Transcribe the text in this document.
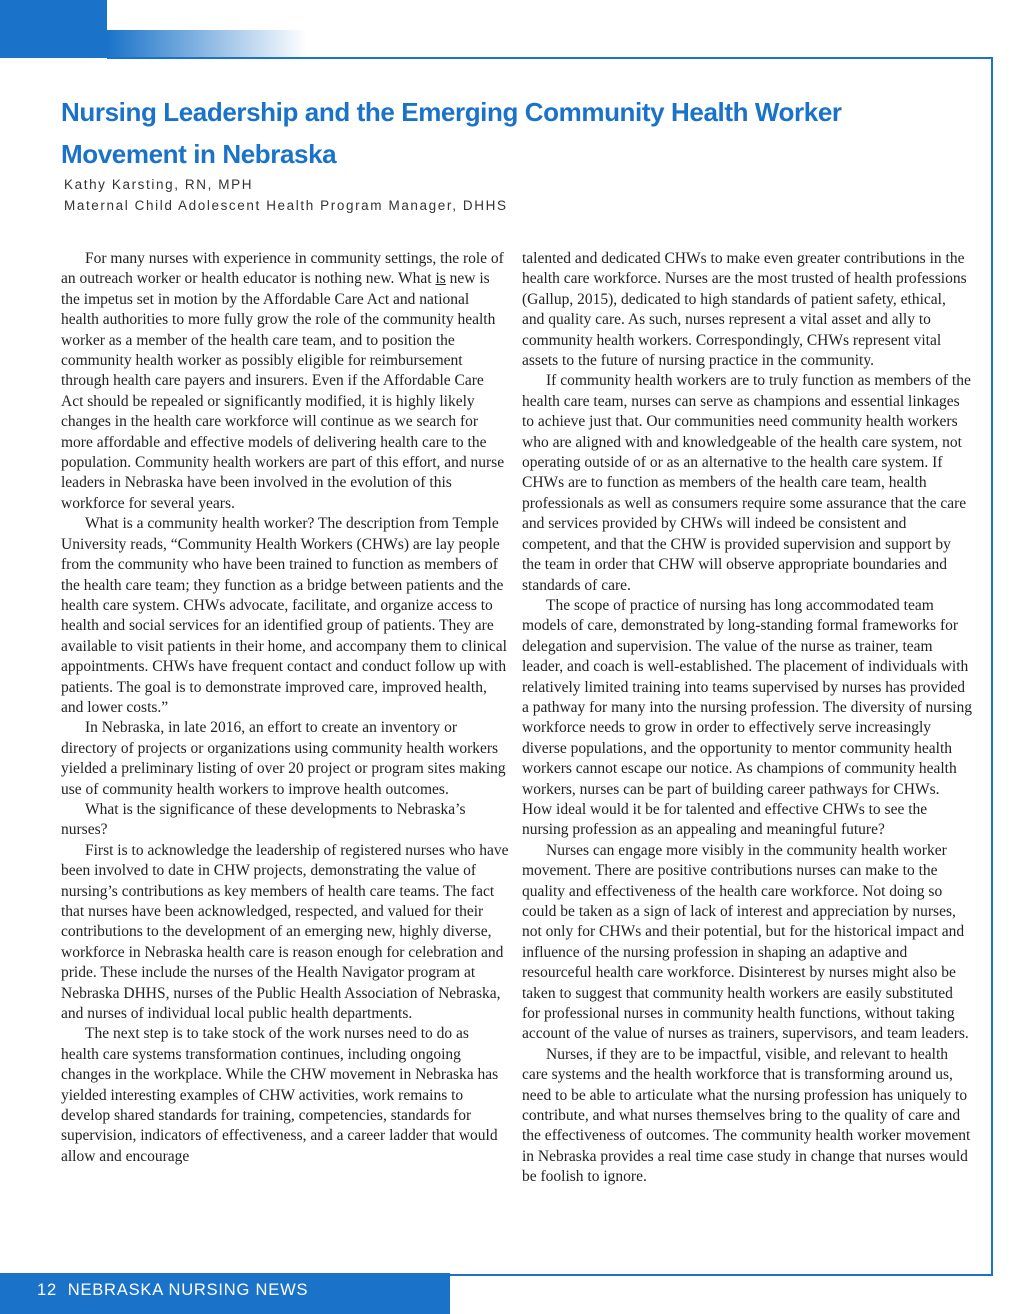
Nursing Leadership and the Emerging Community Health Worker Movement in Nebraska
Kathy Karsting, RN, MPH
Maternal Child Adolescent Health Program Manager, DHHS

For many nurses with experience in community settings, the role of an outreach worker or health educator is nothing new. What is new is the impetus set in motion by the Affordable Care Act and national health authorities to more fully grow the role of the community health worker as a member of the health care team, and to position the community health worker as possibly eligible for reimbursement through health care payers and insurers. Even if the Affordable Care Act should be repealed or significantly modified, it is highly likely changes in the health care workforce will continue as we search for more affordable and effective models of delivering health care to the population. Community health workers are part of this effort, and nurse leaders in Nebraska have been involved in the evolution of this workforce for several years.

What is a community health worker? The description from Temple University reads, “Community Health Workers (CHWs) are lay people from the community who have been trained to function as members of the health care team; they function as a bridge between patients and the health care system. CHWs advocate, facilitate, and organize access to health and social services for an identified group of patients. They are available to visit patients in their home, and accompany them to clinical appointments. CHWs have frequent contact and conduct follow up with patients. The goal is to demonstrate improved care, improved health, and lower costs.”

In Nebraska, in late 2016, an effort to create an inventory or directory of projects or organizations using community health workers yielded a preliminary listing of over 20 project or program sites making use of community health workers to improve health outcomes.

What is the significance of these developments to Nebraska’s nurses?

First is to acknowledge the leadership of registered nurses who have been involved to date in CHW projects, demonstrating the value of nursing’s contributions as key members of health care teams. The fact that nurses have been acknowledged, respected, and valued for their contributions to the development of an emerging new, highly diverse, workforce in Nebraska health care is reason enough for celebration and pride. These include the nurses of the Health Navigator program at Nebraska DHHS, nurses of the Public Health Association of Nebraska, and nurses of individual local public health departments.

The next step is to take stock of the work nurses need to do as health care systems transformation continues, including ongoing changes in the workplace. While the CHW movement in Nebraska has yielded interesting examples of CHW activities, work remains to develop shared standards for training, competencies, standards for supervision, indicators of effectiveness, and a career ladder that would allow and encourage

talented and dedicated CHWs to make even greater contributions in the health care workforce. Nurses are the most trusted of health professions (Gallup, 2015), dedicated to high standards of patient safety, ethical, and quality care. As such, nurses represent a vital asset and ally to community health workers. Correspondingly, CHWs represent vital assets to the future of nursing practice in the community.

If community health workers are to truly function as members of the health care team, nurses can serve as champions and essential linkages to achieve just that. Our communities need community health workers who are aligned with and knowledgeable of the health care system, not operating outside of or as an alternative to the health care system. If CHWs are to function as members of the health care team, health professionals as well as consumers require some assurance that the care and services provided by CHWs will indeed be consistent and competent, and that the CHW is provided supervision and support by the team in order that CHW will observe appropriate boundaries and standards of care.

The scope of practice of nursing has long accommodated team models of care, demonstrated by long-standing formal frameworks for delegation and supervision. The value of the nurse as trainer, team leader, and coach is well-established. The placement of individuals with relatively limited training into teams supervised by nurses has provided a pathway for many into the nursing profession. The diversity of nursing workforce needs to grow in order to effectively serve increasingly diverse populations, and the opportunity to mentor community health workers cannot escape our notice. As champions of community health workers, nurses can be part of building career pathways for CHWs. How ideal would it be for talented and effective CHWs to see the nursing profession as an appealing and meaningful future?

Nurses can engage more visibly in the community health worker movement. There are positive contributions nurses can make to the quality and effectiveness of the health care workforce. Not doing so could be taken as a sign of lack of interest and appreciation by nurses, not only for CHWs and their potential, but for the historical impact and influence of the nursing profession in shaping an adaptive and resourceful health care workforce. Disinterest by nurses might also be taken to suggest that community health workers are easily substituted for professional nurses in community health functions, without taking account of the value of nurses as trainers, supervisors, and team leaders.

Nurses, if they are to be impactful, visible, and relevant to health care systems and the health workforce that is transforming around us, need to be able to articulate what the nursing profession has uniquely to contribute, and what nurses themselves bring to the quality of care and the effectiveness of outcomes. The community health worker movement in Nebraska provides a real time case study in change that nurses would be foolish to ignore.

12 NEBRASKA NURSING NEWS
